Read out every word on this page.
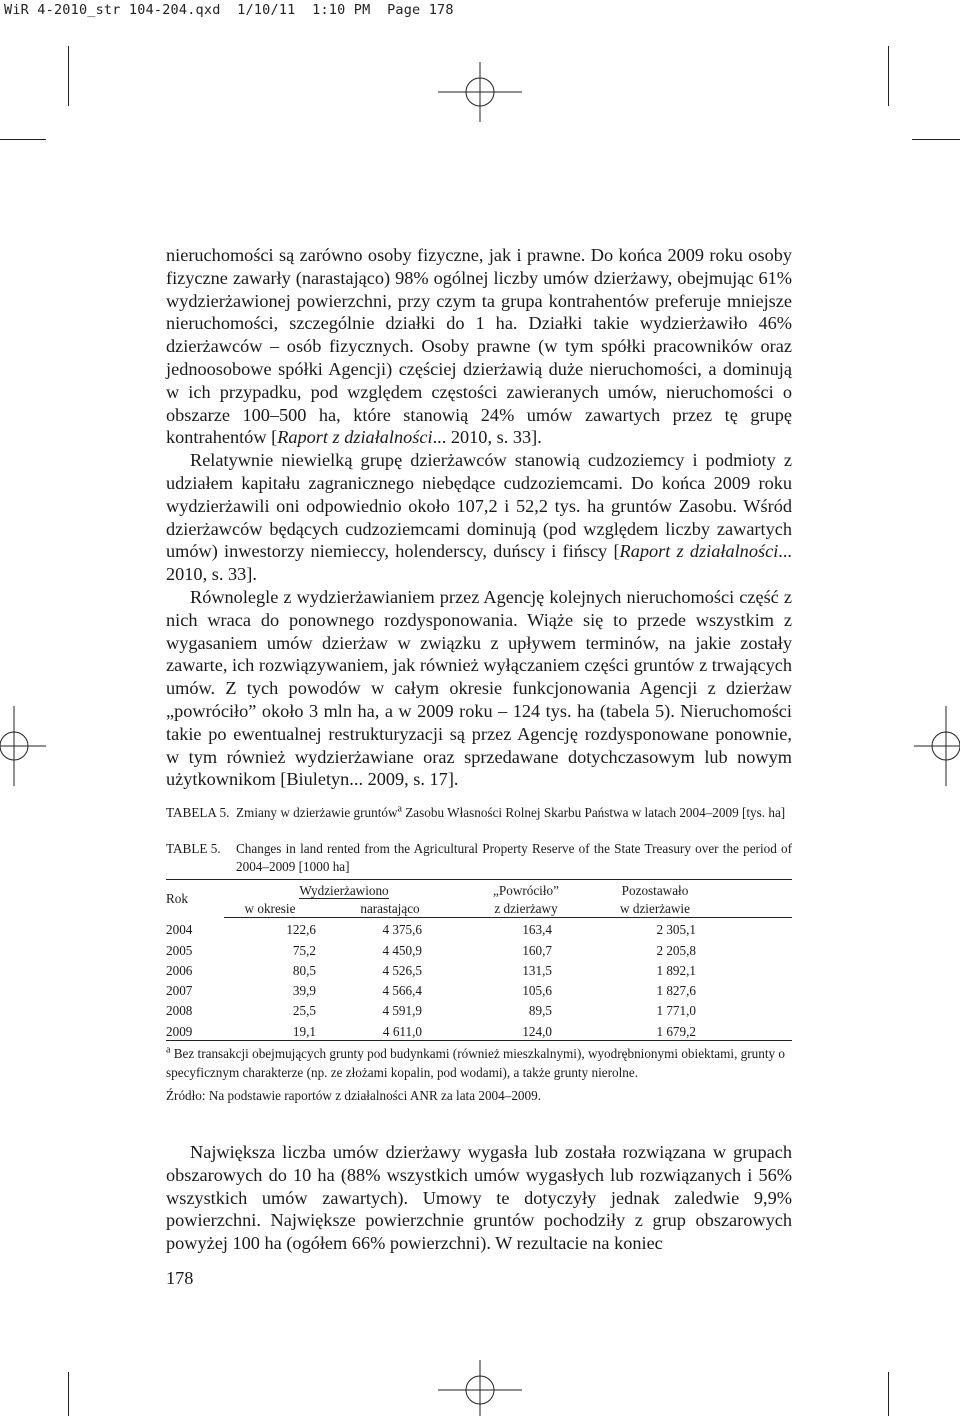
WiR 4-2010_str 104-204.qxd  1/10/11  1:10 PM  Page 178

nieruchomości są zarówno osoby fizyczne, jak i prawne. Do końca 2009 roku osoby fizyczne zawarły (narastająco) 98% ogólnej liczby umów dzierżawy, obejmując 61% wydzierżawionej powierzchni, przy czym ta grupa kontrahentów preferuje mniejsze nieruchomości, szczególnie działki do 1 ha. Działki takie wydzierżawiło 46% dzierżawców – osób fizycznych. Osoby prawne (w tym spółki pracowników oraz jednoosobowe spółki Agencji) częściej dzierżawią duże nieruchomości, a dominują w ich przypadku, pod względem częstości zawieranych umów, nieruchomości o obszarze 100–500 ha, które stanowią 24% umów zawartych przez tę grupę kontrahentów [Raport z działalności... 2010, s. 33].

Relatywnie niewielką grupę dzierżawców stanowią cudzoziemcy i podmioty z udziałem kapitału zagranicznego niebędące cudzoziemcami. Do końca 2009 roku wydzierżawili oni odpowiednio około 107,2 i 52,2 tys. ha gruntów Zasobu. Wśród dzierżawców będących cudzoziemcami dominują (pod względem liczby zawartych umów) inwestorzy niemieccy, holenderscy, duńscy i fińscy [Raport z działalności... 2010, s. 33].

Równolegle z wydzierżawianiem przez Agencję kolejnych nieruchomości część z nich wraca do ponownego rozdysponowania. Wiąże się to przede wszystkim z wygasaniem umów dzierżaw w związku z upływem terminów, na jakie zostały zawarte, ich rozwiązywaniem, jak również wyłączaniem części gruntów z trwających umów. Z tych powodów w całym okresie funkcjonowania Agencji z dzierżaw „powróciło” około 3 mln ha, a w 2009 roku – 124 tys. ha (tabela 5). Nieruchomości takie po ewentualnej restrukturyzacji są przez Agencję rozdysponowane ponownie, w tym również wydzierżawiane oraz sprzedawane dotychczasowym lub nowym użytkownikom [Biuletyn... 2009, s. 17].

TABELA 5. Zmiany w dzierżawie gruntów$^a$ Zasobu Własności Rolnej Skarbu Państwa w latach 2004–2009 [tys. ha]
TABLE 5.	Changes in land rented from the Agricultural Property Reserve of the State Treasury over the period of 2004–2009 [1000 ha]
Rok	Wydzierżawiono		„Powróciło”	Pozostawało	
	w okresie	narastająco	z dzierżawy	w dzierżawie	
2004	122,6	4 375,6	163,4	2 305,1	
2005	75,2	4 450,9	160,7	2 205,8	
2006	80,5	4 526,5	131,5	1 892,1	
2007	39,9	4 566,4	105,6	1 827,6	
2008	25,5	4 591,9	89,5	1 771,0	
2009	19,1	4 611,0	124,0	1 679,2	
$^a$ Bez transakcji obejmujących grunty pod budynkami (również mieszkalnymi), wyodrębnionymi obiektami, grunty o specyficznym charakterze (np. ze złożami kopalin, pod wodami), a także grunty nierolne.
Źródło: Na podstawie raportów z działalności ANR za lata 2004–2009.

Największa liczba umów dzierżawy wygasła lub została rozwiązana w grupach obszarowych do 10 ha (88% wszystkich umów wygasłych lub rozwiązanych i 56% wszystkich umów zawartych). Umowy te dotyczyły jednak zaledwie 9,9% powierzchni. Największe powierzchnie gruntów pochodziły z grup obszarowych powyżej 100 ha (ogółem 66% powierzchni). W rezultacie na koniec

178
